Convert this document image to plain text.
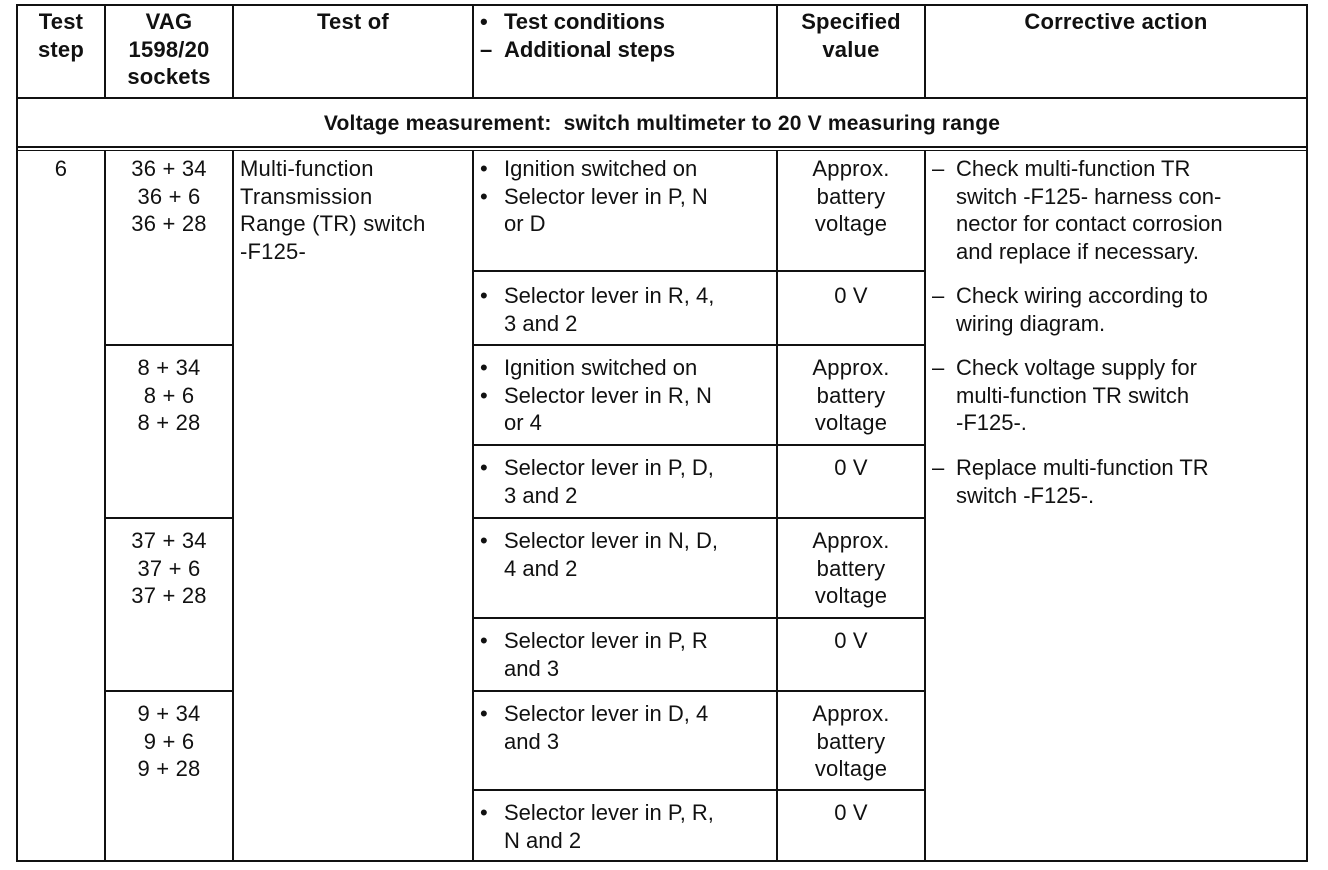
Test
step
VAG
1598/20
sockets
Test of	• Test conditions
– Additional steps
Specified
value
Corrective action
Voltage measurement:  switch multimeter to 20 V measuring range
6	Multi-function
Transmission
Range (TR) switch
-F125-
36 + 34
36 + 6
36 + 28
8 + 34
8 + 6
8 + 28
37 + 34
37 + 6
37 + 28
9 + 34
9 + 6
9 + 28
• Ignition switched on
• Selector lever in P, N
or D
• Selector lever in R, 4,
3 and 2
• Ignition switched on
• Selector lever in R, N
or 4
• Selector lever in P, D,
3 and 2
• Selector lever in N, D,
4 and 2
• Selector lever in P, R
and 3
• Selector lever in D, 4
and 3
• Selector lever in P, R,
N and 2
Approx.
battery
voltage
0 V
Approx.
battery
voltage
0 V
Approx.
battery
voltage
0 V
Approx.
battery
voltage
0 V
– Check multi-function TR
switch -F125- harness con-
nector for contact corrosion
and replace if necessary.
– Check wiring according to
wiring diagram.
– Check voltage supply for
multi-function TR switch
-F125-.
– Replace multi-function TR
switch -F125-.
